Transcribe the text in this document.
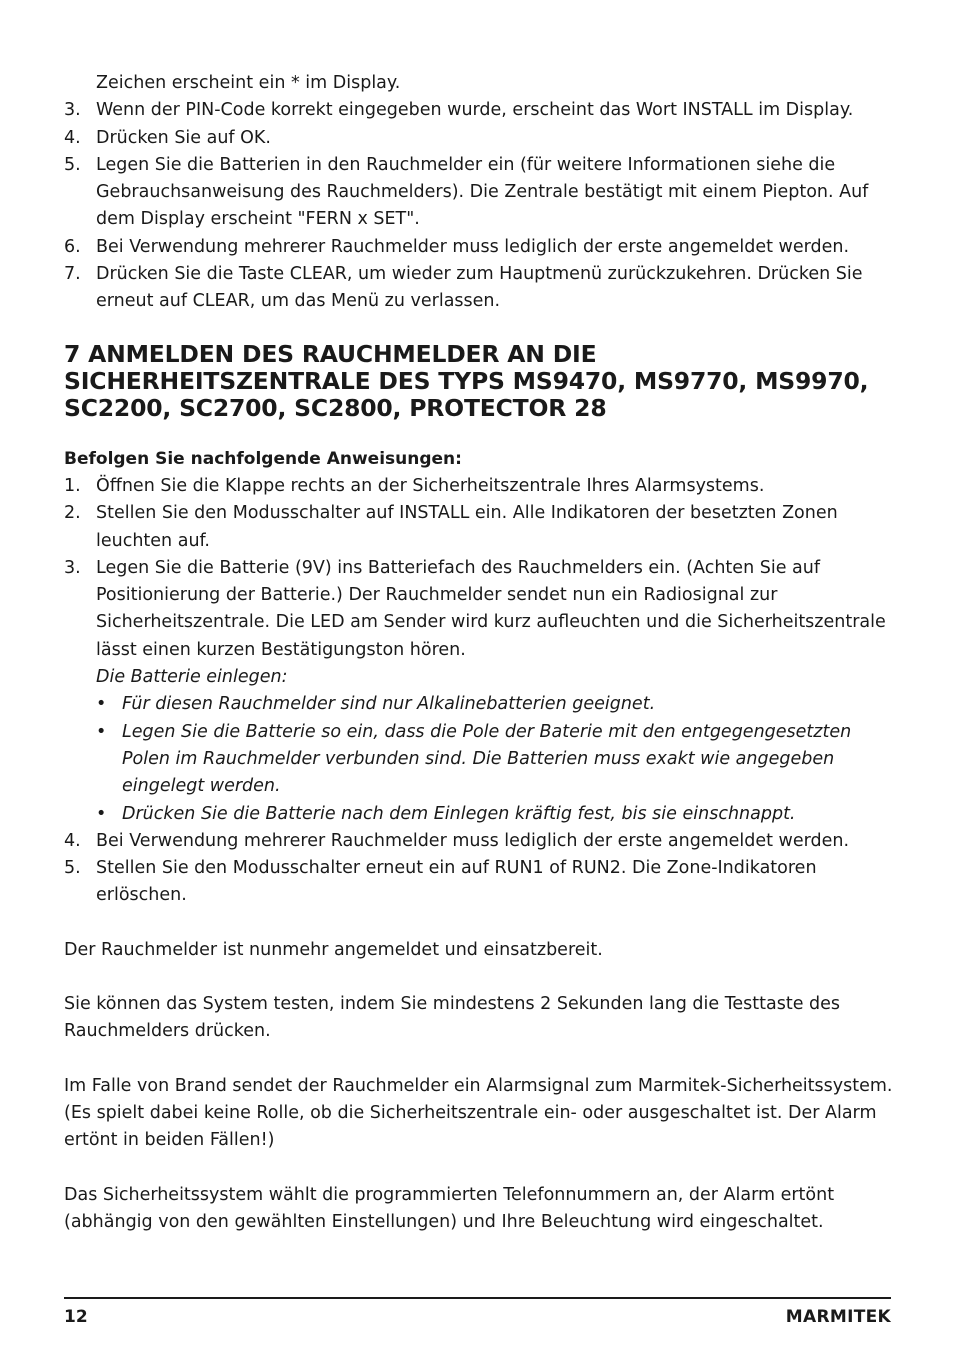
Zeichen erscheint ein * im Display.
3. Wenn der PIN-Code korrekt eingegeben wurde, erscheint das Wort INSTALL im Display.
4. Drücken Sie auf OK.
5. Legen Sie die Batterien in den Rauchmelder ein (für weitere Informationen siehe die Gebrauchsanweisung des Rauchmelders). Die Zentrale bestätigt mit einem Piepton. Auf dem Display erscheint "FERN x SET".
6. Bei Verwendung mehrerer Rauchmelder muss lediglich der erste angemeldet werden.
7. Drücken Sie die Taste CLEAR, um wieder zum Hauptmenü zurückzukehren. Drücken Sie erneut auf CLEAR, um das Menü zu verlassen.
7 ANMELDEN DES RAUCHMELDER AN DIE
SICHERHEITSZENTRALE DES TYPS MS9470, MS9770, MS9970,
SC2200, SC2700, SC2800, PROTECTOR 28
Befolgen Sie nachfolgende Anweisungen:
1. Öffnen Sie die Klappe rechts an der Sicherheitszentrale Ihres Alarmsystems.
2. Stellen Sie den Modusschalter auf INSTALL ein. Alle Indikatoren der besetzten Zonen leuchten auf.
3. Legen Sie die Batterie (9V) ins Batteriefach des Rauchmelders ein. (Achten Sie auf Positionierung der Batterie.) Der Rauchmelder sendet nun ein Radiosignal zur Sicherheitszentrale. Die LED am Sender wird kurz aufleuchten und die Sicherheitszentrale lässt einen kurzen Bestätigungston hören.
Die Batterie einlegen:
• Für diesen Rauchmelder sind nur Alkalinebatterien geeignet.
• Legen Sie die Batterie so ein, dass die Pole der Baterie mit den entgegengesetzten Polen im Rauchmelder verbunden sind. Die Batterien muss exakt wie angegeben eingelegt werden.
• Drücken Sie die Batterie nach dem Einlegen kräftig fest, bis sie einschnappt.
4. Bei Verwendung mehrerer Rauchmelder muss lediglich der erste angemeldet werden.
5. Stellen Sie den Modusschalter erneut ein auf RUN1 of RUN2. Die Zone-Indikatoren erlöschen.

Der Rauchmelder ist nunmehr angemeldet und einsatzbereit.

Sie können das System testen, indem Sie mindestens 2 Sekunden lang die Testtaste des Rauchmelders drücken.

Im Falle von Brand sendet der Rauchmelder ein Alarmsignal zum Marmitek-Sicherheitssystem. (Es spielt dabei keine Rolle, ob die Sicherheitszentrale ein- oder ausgeschaltet ist. Der Alarm ertönt in beiden Fällen!)

Das Sicherheitssystem wählt die programmierten Telefonnummern an, der Alarm ertönt (abhängig von den gewählten Einstellungen) und Ihre Beleuchtung wird eingeschaltet.

12	MARMITEK
